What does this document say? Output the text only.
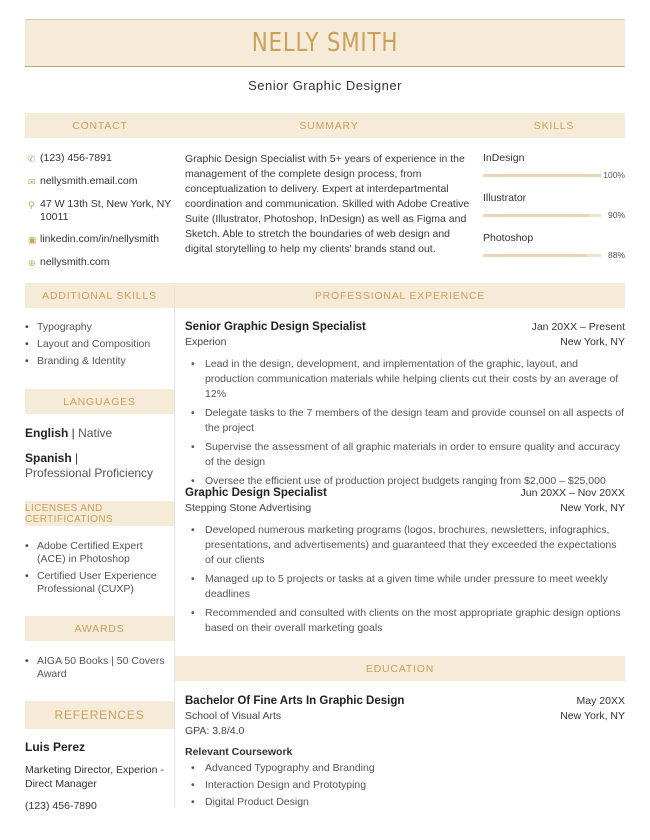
NELLY SMITH
Senior Graphic Designer
CONTACT	SUMMARY	SKILLS
✆ (123) 456-7891
✉ nellysmith.email.com
⚲ 47 W 13th St, New York, NY 10011
▣ linkedin.com/in/nellysmith
⊕ nellysmith.com
Graphic Design Specialist with 5+ years of experience in the management of the complete design process, from conceptualization to delivery. Expert at interdepartmental coordination and communication. Skilled with Adobe Creative Suite (Illustrator, Photoshop, InDesign) as well as Figma and Sketch. Able to stretch the boundaries of web design and digital storytelling to help my clients' brands stand out.
InDesign
100%
Illustrator
90%
Photoshop
88%
ADDITIONAL SKILLS	PROFESSIONAL EXPERIENCE
• Typography
• Layout and Composition
• Branding & Identity
LANGUAGES
English | Native
Spanish |
Professional Proficiency
LICENSES AND CERTIFICATIONS
• Adobe Certified Expert (ACE) in Photoshop
• Certified User Experience Professional (CUXP)
AWARDS
• AIGA 50 Books | 50 Covers Award
REFERENCES
Luis Perez
Marketing Director, Experion - Direct Manager
(123) 456-7890
Senior Graphic Design Specialist	Jan 20XX – Present
Experion	New York, NY
• Lead in the design, development, and implementation of the graphic, layout, and production communication materials while helping clients cut their costs by an average of 12%
• Delegate tasks to the 7 members of the design team and provide counsel on all aspects of the project
• Supervise the assessment of all graphic materials in order to ensure quality and accuracy of the design
• Oversee the efficient use of production project budgets ranging from $2,000 – $25,000
Graphic Design Specialist	Jun 20XX – Nov 20XX
Stepping Stone Advertising	New York, NY
• Developed numerous marketing programs (logos, brochures, newsletters, infographics, presentations, and advertisements) and guaranteed that they exceeded the expectations of our clients
• Managed up to 5 projects or tasks at a given time while under pressure to meet weekly deadlines
• Recommended and consulted with clients on the most appropriate graphic design options based on their overall marketing goals
EDUCATION
Bachelor Of Fine Arts In Graphic Design	May 20XX
School of Visual Arts	New York, NY
GPA: 3.8/4.0
Relevant Coursework
• Advanced Typography and Branding
• Interaction Design and Prototyping
• Digital Product Design
